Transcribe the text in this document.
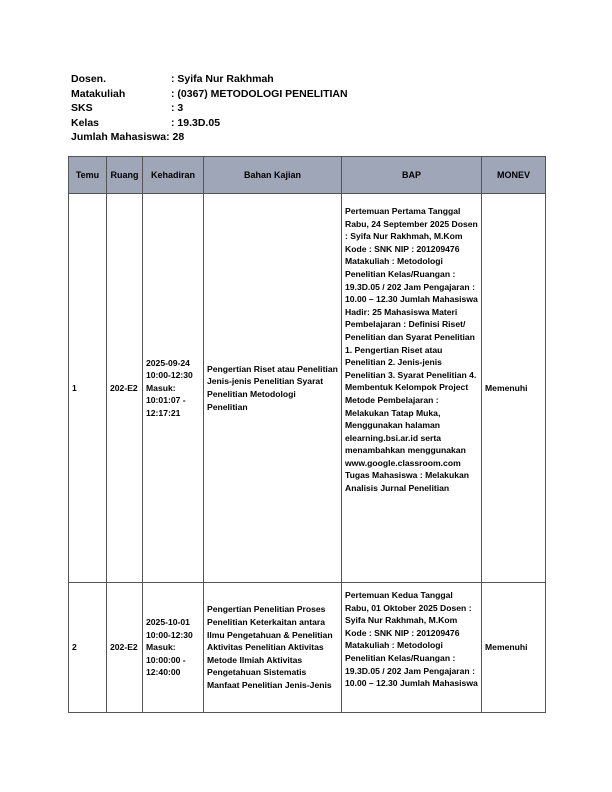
Dosen.	: Syifa Nur Rakhmah
Matakuliah	: (0367) METODOLOGI PENELITIAN
SKS	: 3
Kelas	: 19.3D.05
Jumlah Mahasiswa : 28
Temu	Ruang	Kehadiran	Bahan Kajian	BAP	MONEV
1	202-E2	2025-09-24 10:00-12:30 Masuk: 10:01:07 - 12:17:21	Pengertian Riset atau Penelitian Jenis-jenis Penelitian Syarat Penelitian Metodologi Penelitian	Pertemuan Pertama Tanggal Rabu, 24 September 2025 Dosen : Syifa Nur Rakhmah, M.Kom Kode : SNK NIP : 201209476 Matakuliah : Metodologi Penelitian Kelas/Ruangan : 19.3D.05 / 202 Jam Pengajaran : 10.00 – 12.30 Jumlah Mahasiswa Hadir: 25 Mahasiswa Materi Pembelajaran : Definisi Riset/ Penelitian dan Syarat Penelitian 1. Pengertian Riset atau Penelitian 2. Jenis-jenis Penelitian 3. Syarat Penelitian 4. Membentuk Kelompok Project Metode Pembelajaran : Melakukan Tatap Muka, Menggunakan halaman elearning.bsi.ar.id serta menambahkan menggunakan www.google.classroom.com Tugas Mahasiswa : Melakukan Analisis Jurnal Penelitian	Memenuhi
2	202-E2	2025-10-01 10:00-12:30 Masuk: 10:00:00 - 12:40:00	Pengertian Penelitian Proses Penelitian Keterkaitan antara Ilmu Pengetahuan & Penelitian Aktivitas Penelitian Aktivitas Metode Ilmiah Aktivitas Pengetahuan Sistematis Manfaat Penelitian Jenis-Jenis	Pertemuan Kedua Tanggal Rabu, 01 Oktober 2025 Dosen : Syifa Nur Rakhmah, M.Kom Kode : SNK NIP : 201209476 Matakuliah : Metodologi Penelitian Kelas/Ruangan : 19.3D.05 / 202 Jam Pengajaran : 10.00 – 12.30 Jumlah Mahasiswa	Memenuhi
